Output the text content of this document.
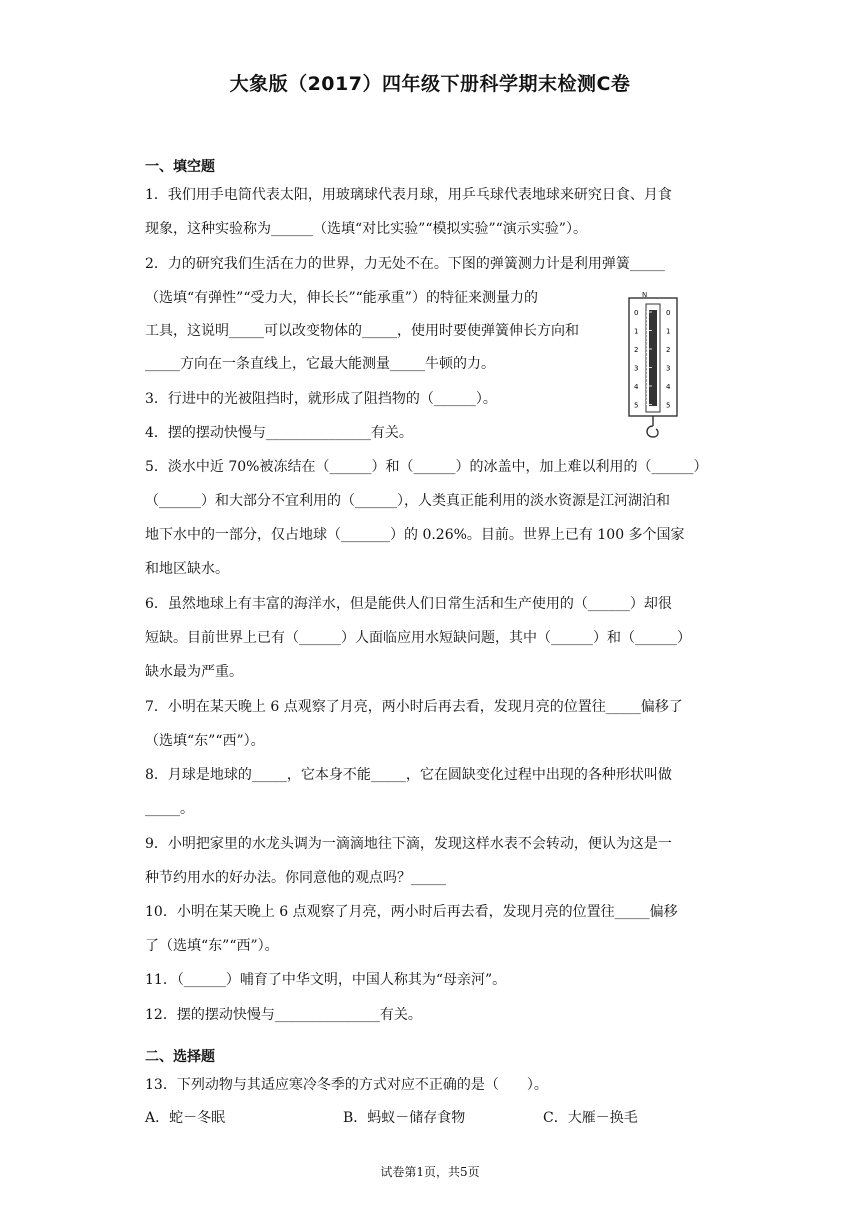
大象版（2017）四年级下册科学期末检测C卷
一、填空题
1．我们用手电筒代表太阳，用玻璃球代表月球，用乒乓球代表地球来研究日食、月食
现象，这种实验称为______（选填“对比实验”“模拟实验”“演示实验”）。
2．力的研究我们生活在力的世界，力无处不在。下图的弹簧测力计是利用弹簧_____
（选填“有弹性”“受力大，伸长长”“能承重”）的特征来测量力的
工具，这说明_____可以改变物体的_____，使用时要使弹簧伸长方向和
_____方向在一条直线上，它最大能测量_____牛顿的力。
3．行进中的光被阻挡时，就形成了阻挡物的（______）。
4．摆的摆动快慢与_______________有关。
5．淡水中近 70%被冻结在（______）和（______）的冰盖中，加上难以利用的（______）
（______）和大部分不宜利用的（______），人类真正能利用的淡水资源是江河湖泊和
地下水中的一部分，仅占地球（_______）的 0.26%。目前。世界上已有 100 多个国家
和地区缺水。
6．虽然地球上有丰富的海洋水，但是能供人们日常生活和生产使用的（______）却很
短缺。目前世界上已有（______）人面临应用水短缺问题，其中（______）和（______）
缺水最为严重。
7．小明在某天晚上 6 点观察了月亮，两小时后再去看，发现月亮的位置往_____偏移了
（选填“东”“西”）。
8．月球是地球的_____，它本身不能_____，它在圆缺变化过程中出现的各种形状叫做
_____。
9．小明把家里的水龙头调为一滴滴地往下滴，发现这样水表不会转动，便认为这是一
种节约用水的好办法。你同意他的观点吗？_____
10．小明在某天晚上 6 点观察了月亮，两小时后再去看，发现月亮的位置往_____偏移
了（选填“东”“西”）。
11．（______）哺育了中华文明，中国人称其为“母亲河”。
12．摆的摆动快慢与_______________有关。
N
0	0
1	1
2	2
3	3
4	4
5	5
二、选择题
13．下列动物与其适应寒冷冬季的方式对应不正确的是（　　）。
A．蛇－冬眠	B．蚂蚁－储存食物	C．大雁－换毛
试卷第1页，共5页
